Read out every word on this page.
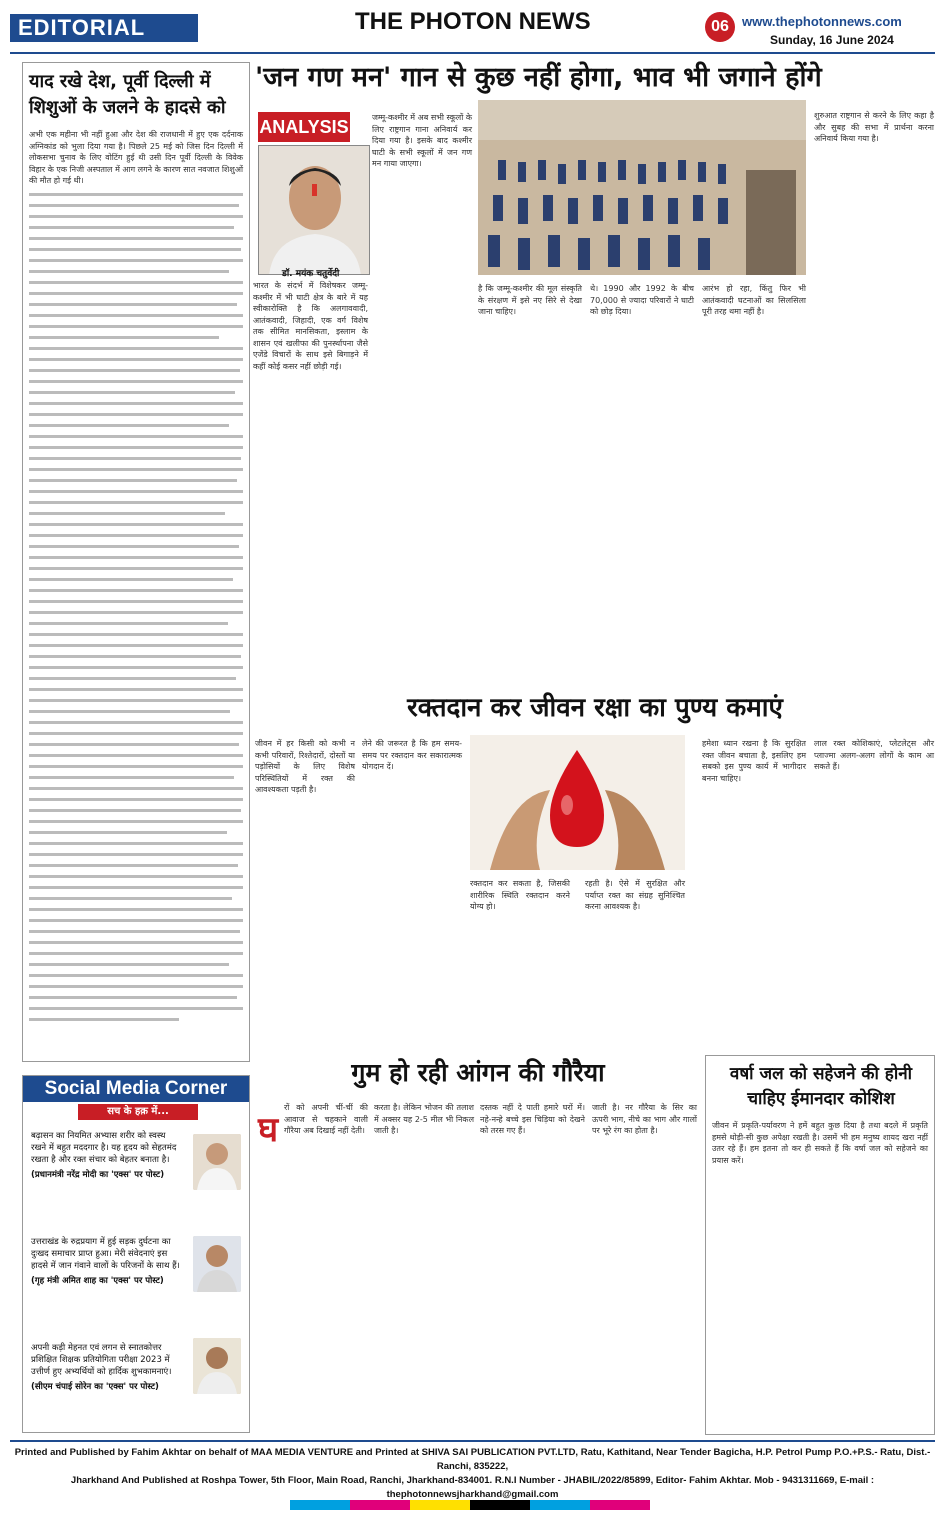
EDITORIAL	THE PHOTON NEWS	06	www.thephotonnews.com
Sunday, 16 June 2024
याद रखे देश, पूर्वी दिल्ली में शिशुओं के जलने के हादसे को
अभी एक महीना भी नहीं हुआ और देश की राजधानी में हुए एक दर्दनाक अग्निकांड को भुला दिया गया है। पिछले 25 मई को जिस दिन दिल्ली में लोकसभा चुनाव के लिए वोटिंग हुई थी उसी दिन पूर्वी दिल्ली के विवेक विहार के एक निजी अस्पताल में आग लगने के कारण सात नवजात शिशुओं की मौत हो गई थी।
'जन गण मन' गान से कुछ नहीं होगा, भाव भी जगाने होंगे
ANALYSIS
डॉ. मयंक चतुर्वेदी
भारत के संदर्भ में विशेषकर जम्मू-कश्मीर में भी घाटी क्षेत्र के बारे में यह स्वीकारोक्ति है कि अलगाववादी, आतंकवादी, जिहादी, एक वर्ग विशेष तक सीमित मानसिकता, इस्लाम के शासन एवं खलीफा की पुनर्स्थापना जैसे एजेंडे विचारों के साथ इसे बिगाड़ने में कहीं कोई कसर नहीं छोड़ी गई।
जम्मू-कश्मीर में अब सभी स्कूलों के लिए राष्ट्रगान गाना अनिवार्य कर दिया गया है। इसके बाद कश्मीर घाटी के सभी स्कूलों में जन गण मन गाया जाएगा।
है कि जम्मू-कश्मीर की मूल संस्कृति के संरक्षण में इसे नए सिरे से देखा जाना चाहिए।
थे। 1990 और 1992 के बीच 70,000 से ज्यादा परिवारों ने घाटी को छोड़ दिया।
आरंभ हो रहा, किंतु फिर भी आतंकवादी घटनाओं का सिलसिला पूरी तरह थमा नहीं है।
शुरुआत राष्ट्रगान से करने के लिए कहा है और सुबह की सभा में प्रार्थना करना अनिवार्य किया गया है।
रक्तदान कर जीवन रक्षा का पुण्य कमाएं
जीवन में हर किसी को कभी न कभी परिवारों, रिश्तेदारों, दोस्तों या पड़ोसियों के लिए विशेष परिस्थितियों में रक्त की आवश्यकता पड़ती है।
लेने की जरूरत है कि हम समय-समय पर रक्तदान कर सकारात्मक योगदान दें।
रक्तदान कर सकता है, जिसकी शारीरिक स्थिति रक्तदान करने योग्य हो।
रहती है। ऐसे में सुरक्षित और पर्याप्त रक्त का संग्रह सुनिश्चित करना आवश्यक है।
हमेशा ध्यान रखना है कि सुरक्षित रक्त जीवन बचाता है, इसलिए हम सबको इस पुण्य कार्य में भागीदार बनना चाहिए।
लाल रक्त कोशिकाएं, प्लेटलेट्स और प्लाज्मा अलग-अलग लोगों के काम आ सकते हैं।
Social Media Corner
सच के हक़ में...
बढ़ासन का नियमित अभ्यास शरीर को स्वस्थ रखने में बहुत मददगार है। यह हृदय को सेहतमंद रखता है और रक्त संचार को बेहतर बनाता है।
(प्रधानमंत्री नरेंद्र मोदी का 'एक्स' पर पोस्ट)
उत्तराखंड के रुद्रप्रयाग में हुई सड़क दुर्घटना का दुःखद समाचार प्राप्त हुआ। मेरी संवेदनाएं इस हादसे में जान गंवाने वालों के परिजनों के साथ हैं।
(गृह मंत्री अमित शाह का 'एक्स' पर पोस्ट)
अपनी कड़ी मेहनत एवं लगन से स्नातकोत्तर प्रशिक्षित शिक्षक प्रतियोगिता परीक्षा 2023 में उत्तीर्ण हुए अभ्यर्थियों को हार्दिक शुभकामनाएं।
(सीएम चंपाई सोरेन का 'एक्स' पर पोस्ट)
गुम हो रही आंगन की गौरैया
घ
रों को अपनी चीं-चीं की आवाज से चहकाने वाली गौरैया अब दिखाई नहीं देती।
करता है। लेकिन भोजन की तलाश में अक्सर यह 2-5 मील भी निकल जाती है।
दस्तक नहीं दे पाती हमारे घरों में। नहे-नन्हे बच्चे इस चिड़िया को देखने को तरस गए हैं।
जाती है। नर गौरैया के सिर का ऊपरी भाग, नीचे का भाग और गालों पर भूरे रंग का होता है।
वर्षा जल को सहेजने की होनी चाहिए ईमानदार कोशिश
जीवन में प्रकृति-पर्यावरण ने हमें बहुत कुछ दिया है तथा बदले में प्रकृति हमसे थोड़ी-सी कुछ अपेक्षा रखती है। उसमें भी हम मनुष्य शायद खरा नहीं उतर रहे हैं। हम इतना तो कर ही सकते हैं कि वर्षा जल को सहेजने का प्रयास करें।
Printed and Published by Fahim Akhtar on behalf of MAA MEDIA VENTURE and Printed at SHIVA SAI PUBLICATION PVT.LTD, Ratu, Kathitand, Near Tender Bagicha, H.P. Petrol Pump P.O.+P.S.- Ratu, Dist.-Ranchi, 835222,
Jharkhand And Published at Roshpa Tower, 5th Floor, Main Road, Ranchi, Jharkhand-834001. R.N.I Number - JHABIL/2022/85899, Editor- Fahim Akhtar. Mob - 9431311669, E-mail : thephotonnewsjharkhand@gmail.com
